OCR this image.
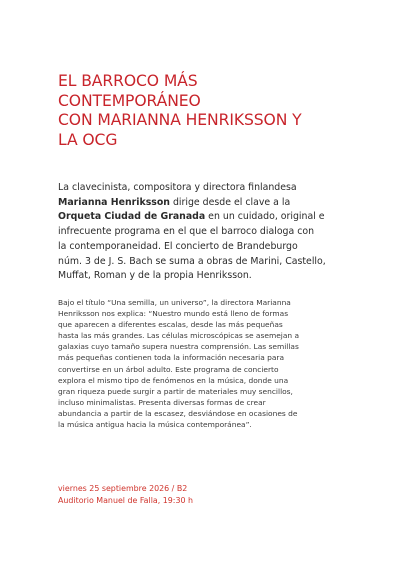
EL BARROCO MÁS
CONTEMPORÁNEO
CON MARIANNA HENRIKSSON Y
LA OCG

La clavecinista, compositora y directora finlandesa
Marianna Henriksson dirige desde el clave a la
Orqueta Ciudad de Granada en un cuidado, original e
infrecuente programa en el que el barroco dialoga con
la contemporaneidad. El concierto de Brandeburgo
núm. 3 de J. S. Bach se suma a obras de Marini, Castello,
Muffat, Roman y de la propia Henriksson.

Bajo el título “Una semilla, un universo”, la directora Marianna
Henriksson nos explica: “Nuestro mundo está lleno de formas
que aparecen a diferentes escalas, desde las más pequeñas
hasta las más grandes. Las células microscópicas se asemejan a
galaxias cuyo tamaño supera nuestra comprensión. Las semillas
más pequeñas contienen toda la información necesaria para
convertirse en un árbol adulto. Este programa de concierto
explora el mismo tipo de fenómenos en la música, donde una
gran riqueza puede surgir a partir de materiales muy sencillos,
incluso minimalistas. Presenta diversas formas de crear
abundancia a partir de la escasez, desviándose en ocasiones de
la música antigua hacia la música contemporánea”.

viernes 25 septiembre 2026 / B2
Auditorio Manuel de Falla, 19:30 h
